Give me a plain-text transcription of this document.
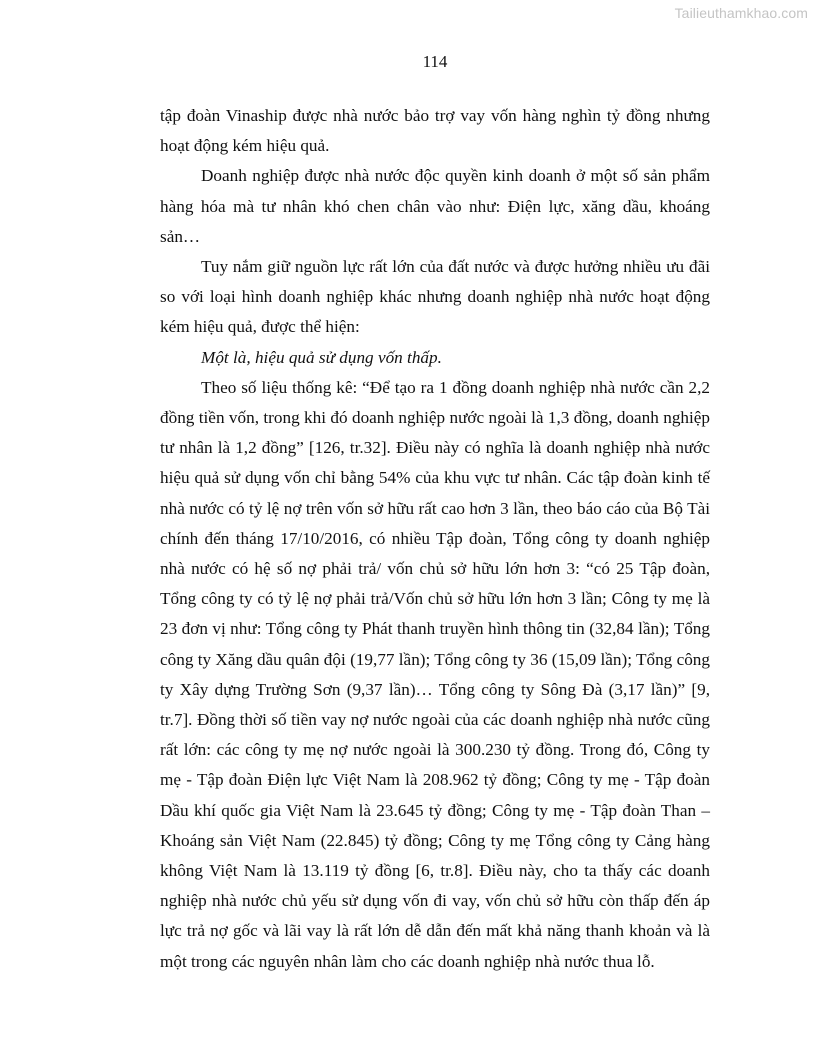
Tailieuthamkhao.com
114

tập đoàn Vinaship được nhà nước bảo trợ vay vốn hàng nghìn tỷ đồng nhưng hoạt động kém hiệu quả.

Doanh nghiệp được nhà nước độc quyền kinh doanh ở một số sản phẩm hàng hóa mà tư nhân khó chen chân vào như: Điện lực, xăng dầu, khoáng sản…

Tuy nắm giữ nguồn lực rất lớn của đất nước và được hưởng nhiều ưu đãi so với loại hình doanh nghiệp khác nhưng doanh nghiệp nhà nước hoạt động kém hiệu quả, được thể hiện:

Một là, hiệu quả sử dụng vốn thấp.

Theo số liệu thống kê: “Để tạo ra 1 đồng doanh nghiệp nhà nước cần 2,2 đồng tiền vốn, trong khi đó doanh nghiệp nước ngoài là 1,3 đồng, doanh nghiệp tư nhân là 1,2 đồng” [126, tr.32]. Điều này có nghĩa là doanh nghiệp nhà nước hiệu quả sử dụng vốn chỉ bằng 54% của khu vực tư nhân. Các tập đoàn kinh tế nhà nước có tỷ lệ nợ trên vốn sở hữu rất cao hơn 3 lần, theo báo cáo của Bộ Tài chính đến tháng 17/10/2016, có nhiều Tập đoàn, Tổng công ty doanh nghiệp nhà nước có hệ số nợ phải trả/ vốn chủ sở hữu lớn hơn 3: “có 25 Tập đoàn, Tổng công ty có tỷ lệ nợ phải trả/Vốn chủ sở hữu lớn hơn 3 lần; Công ty mẹ là 23 đơn vị như: Tổng công ty Phát thanh truyền hình thông tin (32,84 lần); Tổng công ty Xăng dầu quân đội (19,77 lần); Tổng công ty 36 (15,09 lần); Tổng công ty Xây dựng Trường Sơn (9,37 lần)… Tổng công ty Sông Đà (3,17 lần)” [9, tr.7]. Đồng thời số tiền vay nợ nước ngoài của các doanh nghiệp nhà nước cũng rất lớn: các công ty mẹ nợ nước ngoài là 300.230 tỷ đồng. Trong đó, Công ty mẹ - Tập đoàn Điện lực Việt Nam là 208.962 tỷ đồng; Công ty mẹ - Tập đoàn Dầu khí quốc gia Việt Nam là 23.645 tỷ đồng; Công ty mẹ - Tập đoàn Than – Khoáng sản Việt Nam (22.845) tỷ đồng; Công ty mẹ Tổng công ty Cảng hàng không Việt Nam là 13.119 tỷ đồng [6, tr.8]. Điều này, cho ta thấy các doanh nghiệp nhà nước chủ yếu sử dụng vốn đi vay, vốn chủ sở hữu còn thấp đến áp lực trả nợ gốc và lãi vay là rất lớn dễ dẫn đến mất khả năng thanh khoản và là một trong các nguyên nhân làm cho các doanh nghiệp nhà nước thua lỗ.
